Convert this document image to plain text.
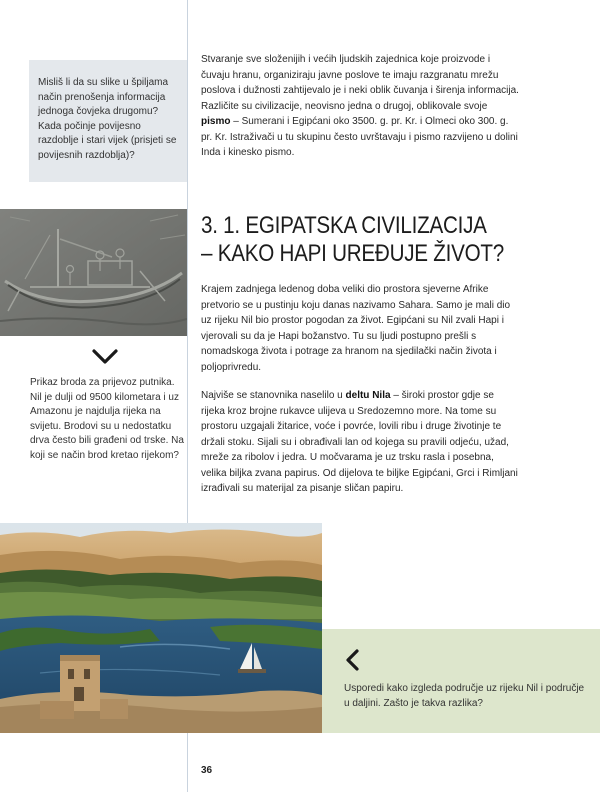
Misliš li da su slike u špiljama način prenošenja informacija jednoga čovjeka drugomu? Kada počinje povijesno razdoblje i stari vijek (prisjeti se povijesnih razdoblja)?

Stvaranje sve složenijih i većih ljudskih zajednica koje proizvode i čuvaju hranu, organiziraju javne poslove te imaju razgranatu mrežu poslova i dužnosti zahtijevalo je i neki oblik čuvanja i širenja informacija. Različite su civilizacije, neovisno jedna o drugoj, oblikovale svoje pismo – Sumerani i Egipćani oko 3500. g. pr. Kr. i Olmeci oko 300. g. pr. Kr. Istraživači u tu skupinu često uvrštavaju i pismo razvijeno u dolini Inda i kinesko pismo.

Prikaz broda za prijevoz putnika. Nil je dulji od 9500 kilometara i uz Amazonu je najdulja rijeka na svijetu. Brodovi su u nedostatku drva često bili građeni od trske. Na koji se način brod kretao rijekom?

3. 1. EGIPATSKA CIVILIZACIJA
– KAKO HAPI UREĐUJE ŽIVOT?

Krajem zadnjega ledenog doba veliki dio prostora sjeverne Afrike pretvorio se u pustinju koju danas nazivamo Sahara. Samo je mali dio uz rijeku Nil bio prostor pogodan za život. Egipćani su Nil zvali Hapi i vjerovali su da je Hapi božanstvo. Tu su ljudi postupno prešli s nomadskoga života i potrage za hranom na sjedilački način života i poljoprivredu.

Najviše se stanovnika naselilo u deltu Nila – široki prostor gdje se rijeka kroz brojne rukavce ulijeva u Sredozemno more. Na tome su prostoru uzgajali žitarice, voće i povrće, lovili ribu i druge životinje te držali stoku. Sijali su i obrađivali lan od kojega su pravili odjeću, užad, mreže za ribolov i jedra. U močvarama je uz trsku rasla i posebna, velika biljka zvana papirus. Od dijelova te biljke Egipćani, Grci i Rimljani izrađivali su materijal za pisanje sličan papiru.

Usporedi kako izgleda područje uz rijeku Nil i područje u daljini. Zašto je takva razlika?

36
